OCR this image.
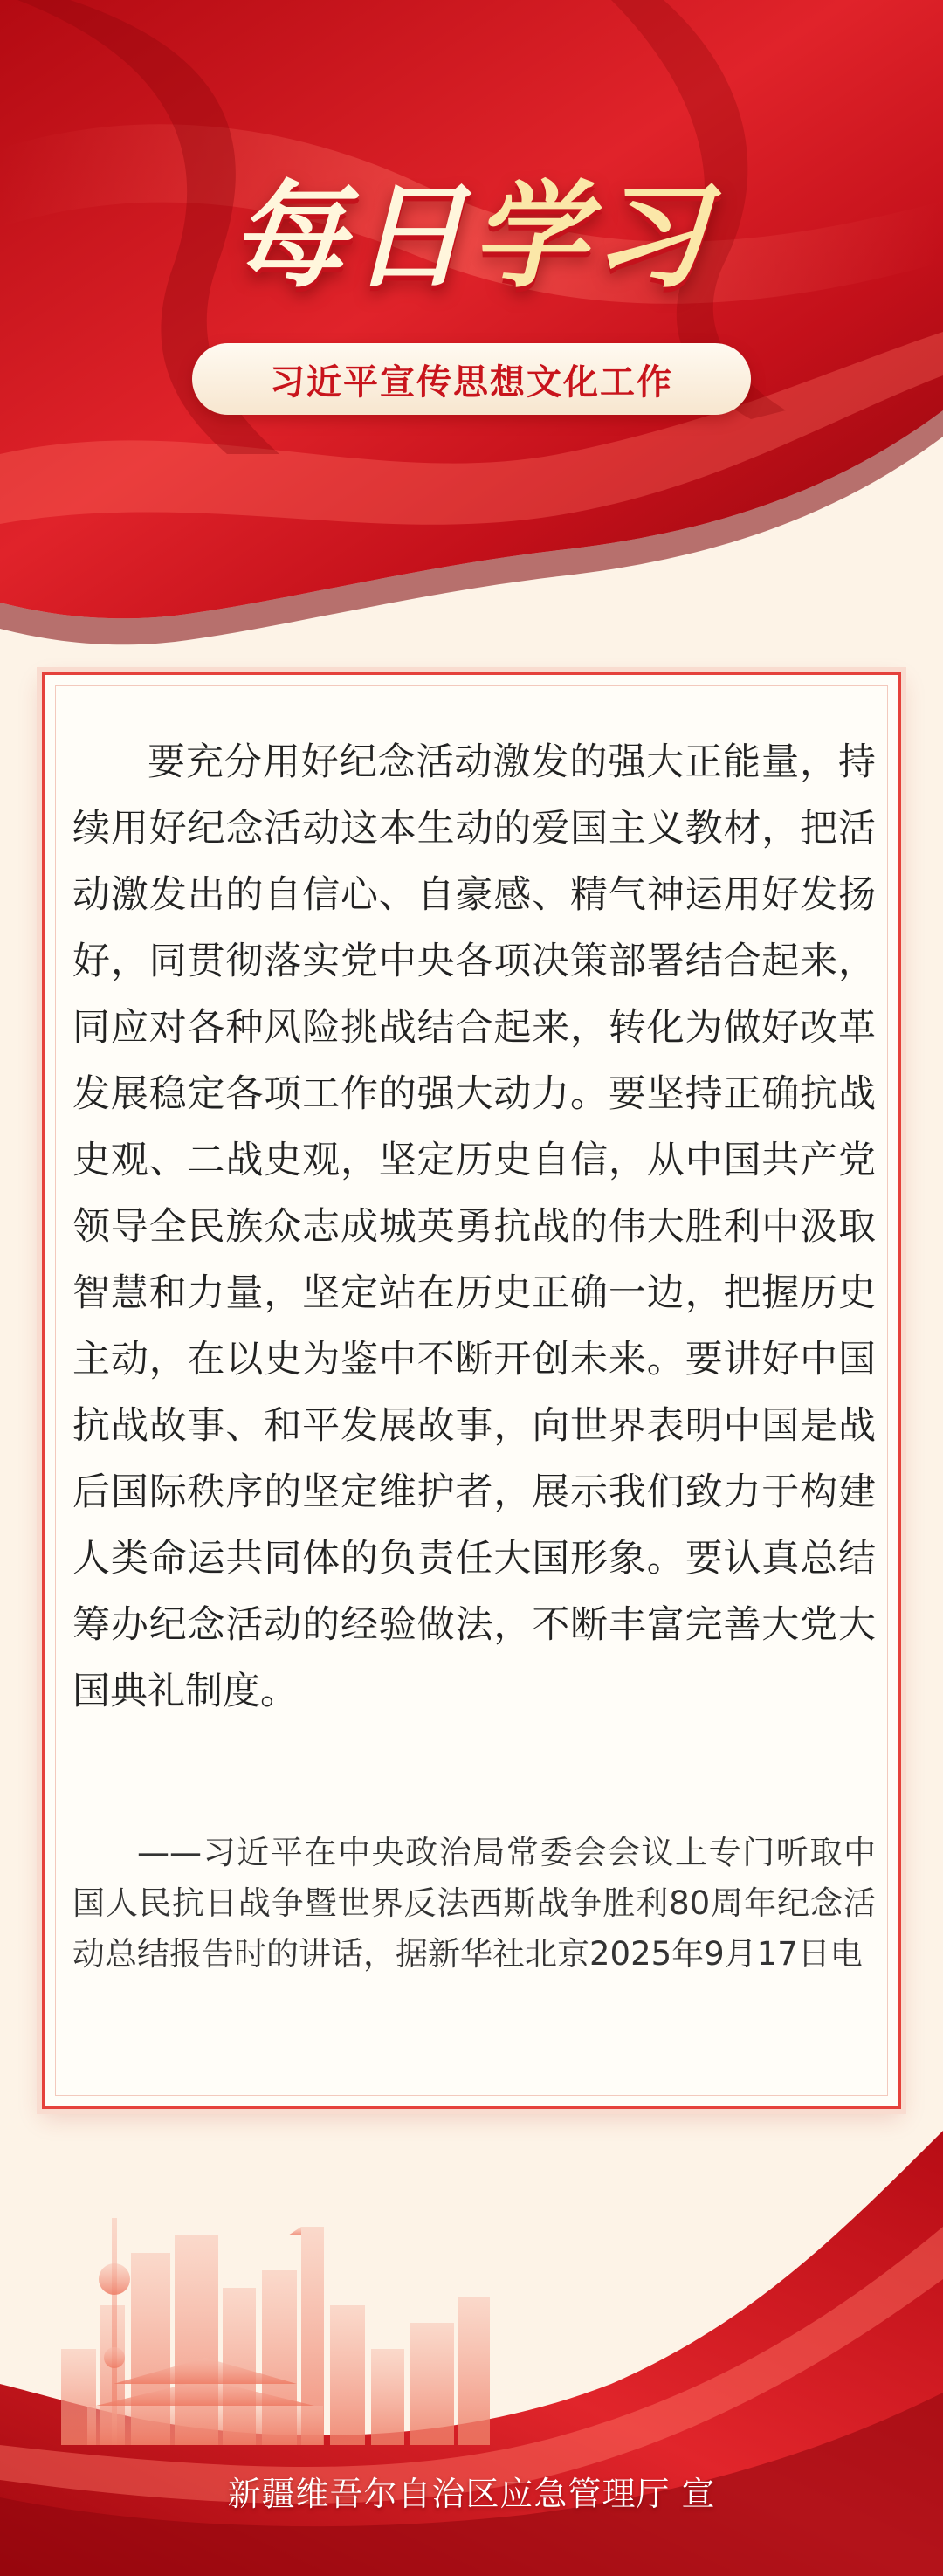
每日学习
习近平宣传思想文化工作

要充分用好纪念活动激发的强大正能量，持续用好纪念活动这本生动的爱国主义教材，把活动激发出的自信心、自豪感、精气神运用好发扬好，同贯彻落实党中央各项决策部署结合起来，同应对各种风险挑战结合起来，转化为做好改革发展稳定各项工作的强大动力。要坚持正确抗战史观、二战史观，坚定历史自信，从中国共产党领导全民族众志成城英勇抗战的伟大胜利中汲取智慧和力量，坚定站在历史正确一边，把握历史主动，在以史为鉴中不断开创未来。要讲好中国抗战故事、和平发展故事，向世界表明中国是战后国际秩序的坚定维护者，展示我们致力于构建人类命运共同体的负责任大国形象。要认真总结筹办纪念活动的经验做法，不断丰富完善大党大国典礼制度。

——习近平在中央政治局常委会会议上专门听取中国人民抗日战争暨世界反法西斯战争胜利80周年纪念活动总结报告时的讲话，据新华社北京2025年9月17日电

新疆维吾尔自治区应急管理厅 宣
